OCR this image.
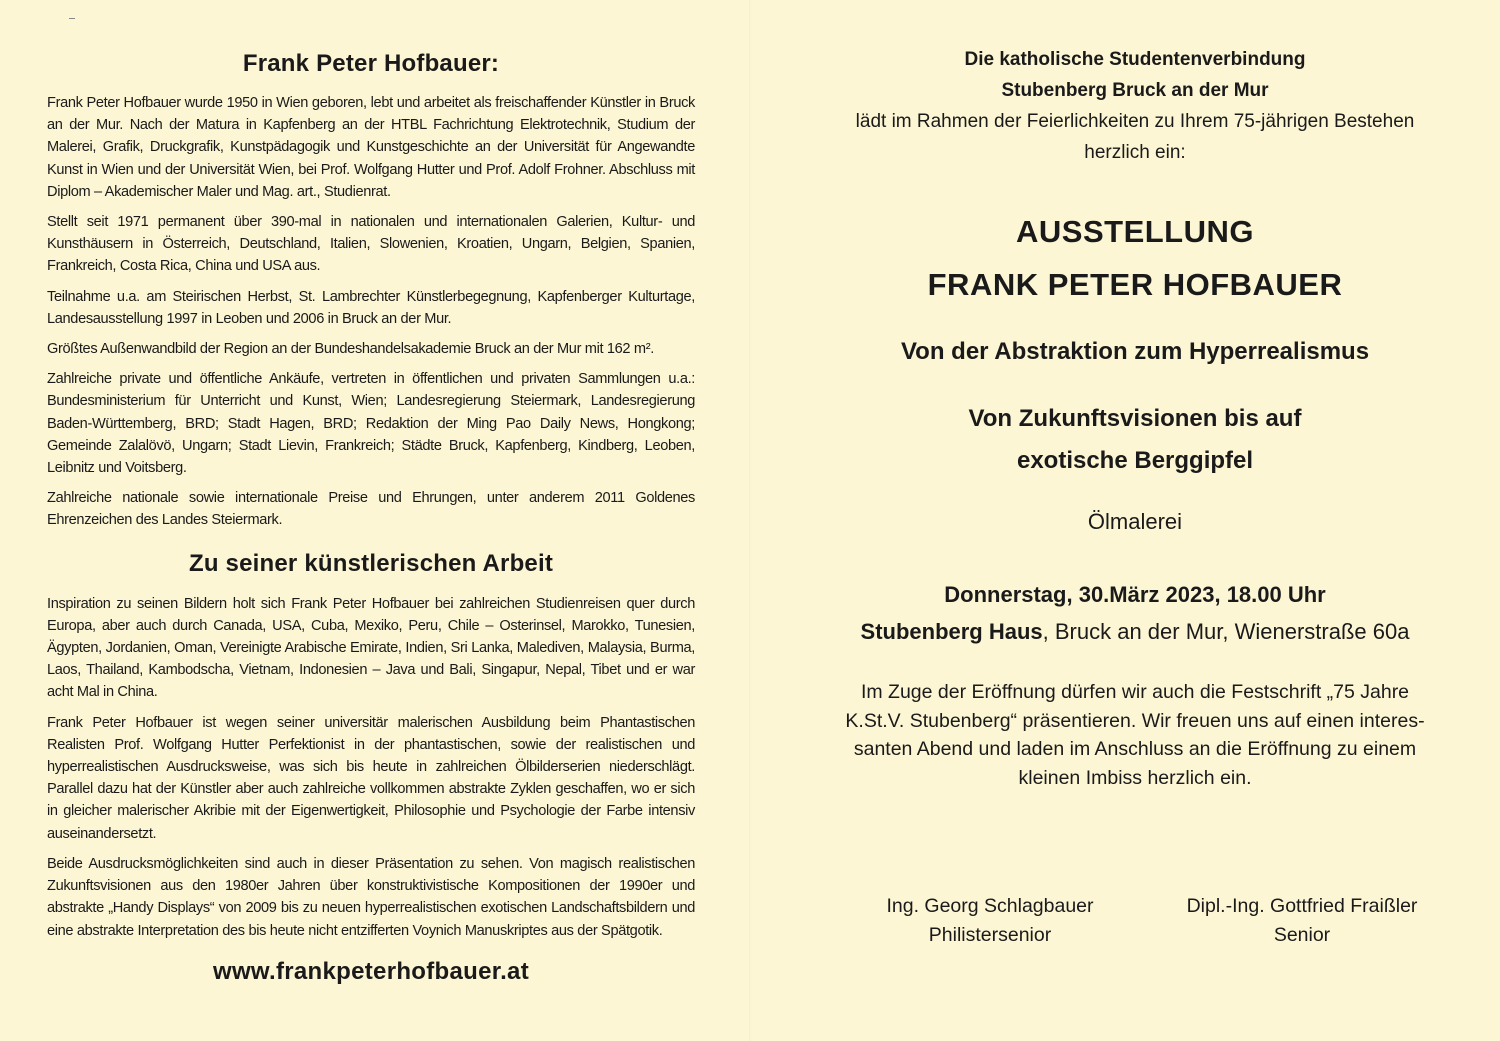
Frank Peter Hofbauer:

Frank Peter Hofbauer wurde 1950 in Wien geboren, lebt und arbeitet als freischaffender Künstler in Bruck an der Mur. Nach der Matura in Kapfenberg an der HTBL Fachrichtung Elektrotechnik, Studium der Malerei, Grafik, Druckgrafik, Kunstpädagogik und Kunstgeschichte an der Universität für Angewandte Kunst in Wien und der Universität Wien, bei Prof. Wolfgang Hutter und Prof. Adolf Frohner. Abschluss mit Diplom – Akademischer Maler und Mag. art., Studienrat.

Stellt seit 1971 permanent über 390-mal in nationalen und internationalen Galerien, Kultur- und Kunsthäusern in Österreich, Deutschland, Italien, Slowenien, Kroatien, Ungarn, Belgien, Spanien, Frankreich, Costa Rica, China und USA aus.

Teilnahme u.a. am Steirischen Herbst, St. Lambrechter Künstlerbegegnung, Kapfenberger Kulturtage, Landesausstellung 1997 in Leoben und 2006 in Bruck an der Mur.

Größtes Außenwandbild der Region an der Bundeshandelsakademie Bruck an der Mur mit 162 m².

Zahlreiche private und öffentliche Ankäufe, vertreten in öffentlichen und privaten Sammlungen u.a.: Bundesministerium für Unterricht und Kunst, Wien; Landesregierung Steiermark, Landesregierung Baden-Württemberg, BRD; Stadt Hagen, BRD; Redaktion der Ming Pao Daily News, Hongkong; Gemeinde Zalalövö, Ungarn; Stadt Lievin, Frankreich; Städte Bruck, Kapfenberg, Kindberg, Leoben, Leibnitz und Voitsberg.

Zahlreiche nationale sowie internationale Preise und Ehrungen, unter anderem 2011 Goldenes Ehrenzeichen des Landes Steiermark.

Zu seiner künstlerischen Arbeit

Inspiration zu seinen Bildern holt sich Frank Peter Hofbauer bei zahlreichen Studienreisen quer durch Europa, aber auch durch Canada, USA, Cuba, Mexiko, Peru, Chile – Osterinsel, Marokko, Tunesien, Ägypten, Jordanien, Oman, Vereinigte Arabische Emirate, Indien, Sri Lanka, Malediven, Malaysia, Burma, Laos, Thailand, Kambodscha, Vietnam, Indonesien – Java und Bali, Singapur, Nepal, Tibet und er war acht Mal in China.

Frank Peter Hofbauer ist wegen seiner universitär malerischen Ausbildung beim Phantastischen Realisten Prof. Wolfgang Hutter Perfektionist in der phantastischen, sowie der realistischen und hyperrealistischen Ausdrucksweise, was sich bis heute in zahlreichen Ölbilderserien niederschlägt. Parallel dazu hat der Künstler aber auch zahlreiche vollkommen abstrakte Zyklen geschaffen, wo er sich in gleicher malerischer Akribie mit der Eigenwertigkeit, Philosophie und Psychologie der Farbe intensiv auseinandersetzt.

Beide Ausdrucksmöglichkeiten sind auch in dieser Präsentation zu sehen. Von magisch realistischen Zukunftsvisionen aus den 1980er Jahren über konstruktivistische Kompositionen der 1990er und abstrakte „Handy Displays“ von 2009 bis zu neuen hyperrealistischen exotischen Landschaftsbildern und eine abstrakte Interpretation des bis heute nicht entzifferten Voynich Manuskriptes aus der Spätgotik.

www.frankpeterhofbauer.at
Die katholische Studentenverbindung
Stubenberg Bruck an der Mur
lädt im Rahmen der Feierlichkeiten zu Ihrem 75-jährigen Bestehen
herzlich ein:
AUSSTELLUNG
FRANK PETER HOFBAUER
Von der Abstraktion zum Hyperrealismus
Von Zukunftsvisionen bis auf
exotische Berggipfel
Ölmalerei
Donnerstag, 30.März 2023, 18.00 Uhr
Stubenberg Haus, Bruck an der Mur, Wienerstraße 60a
Im Zuge der Eröffnung dürfen wir auch die Festschrift „75 Jahre
K.St.V. Stubenberg“ präsentieren. Wir freuen uns auf einen interes-
santen Abend und laden im Anschluss an die Eröffnung zu einem
kleinen Imbiss herzlich ein.
Ing. Georg Schlagbauer
Philistersenior
Dipl.-Ing. Gottfried Fraißler
Senior
